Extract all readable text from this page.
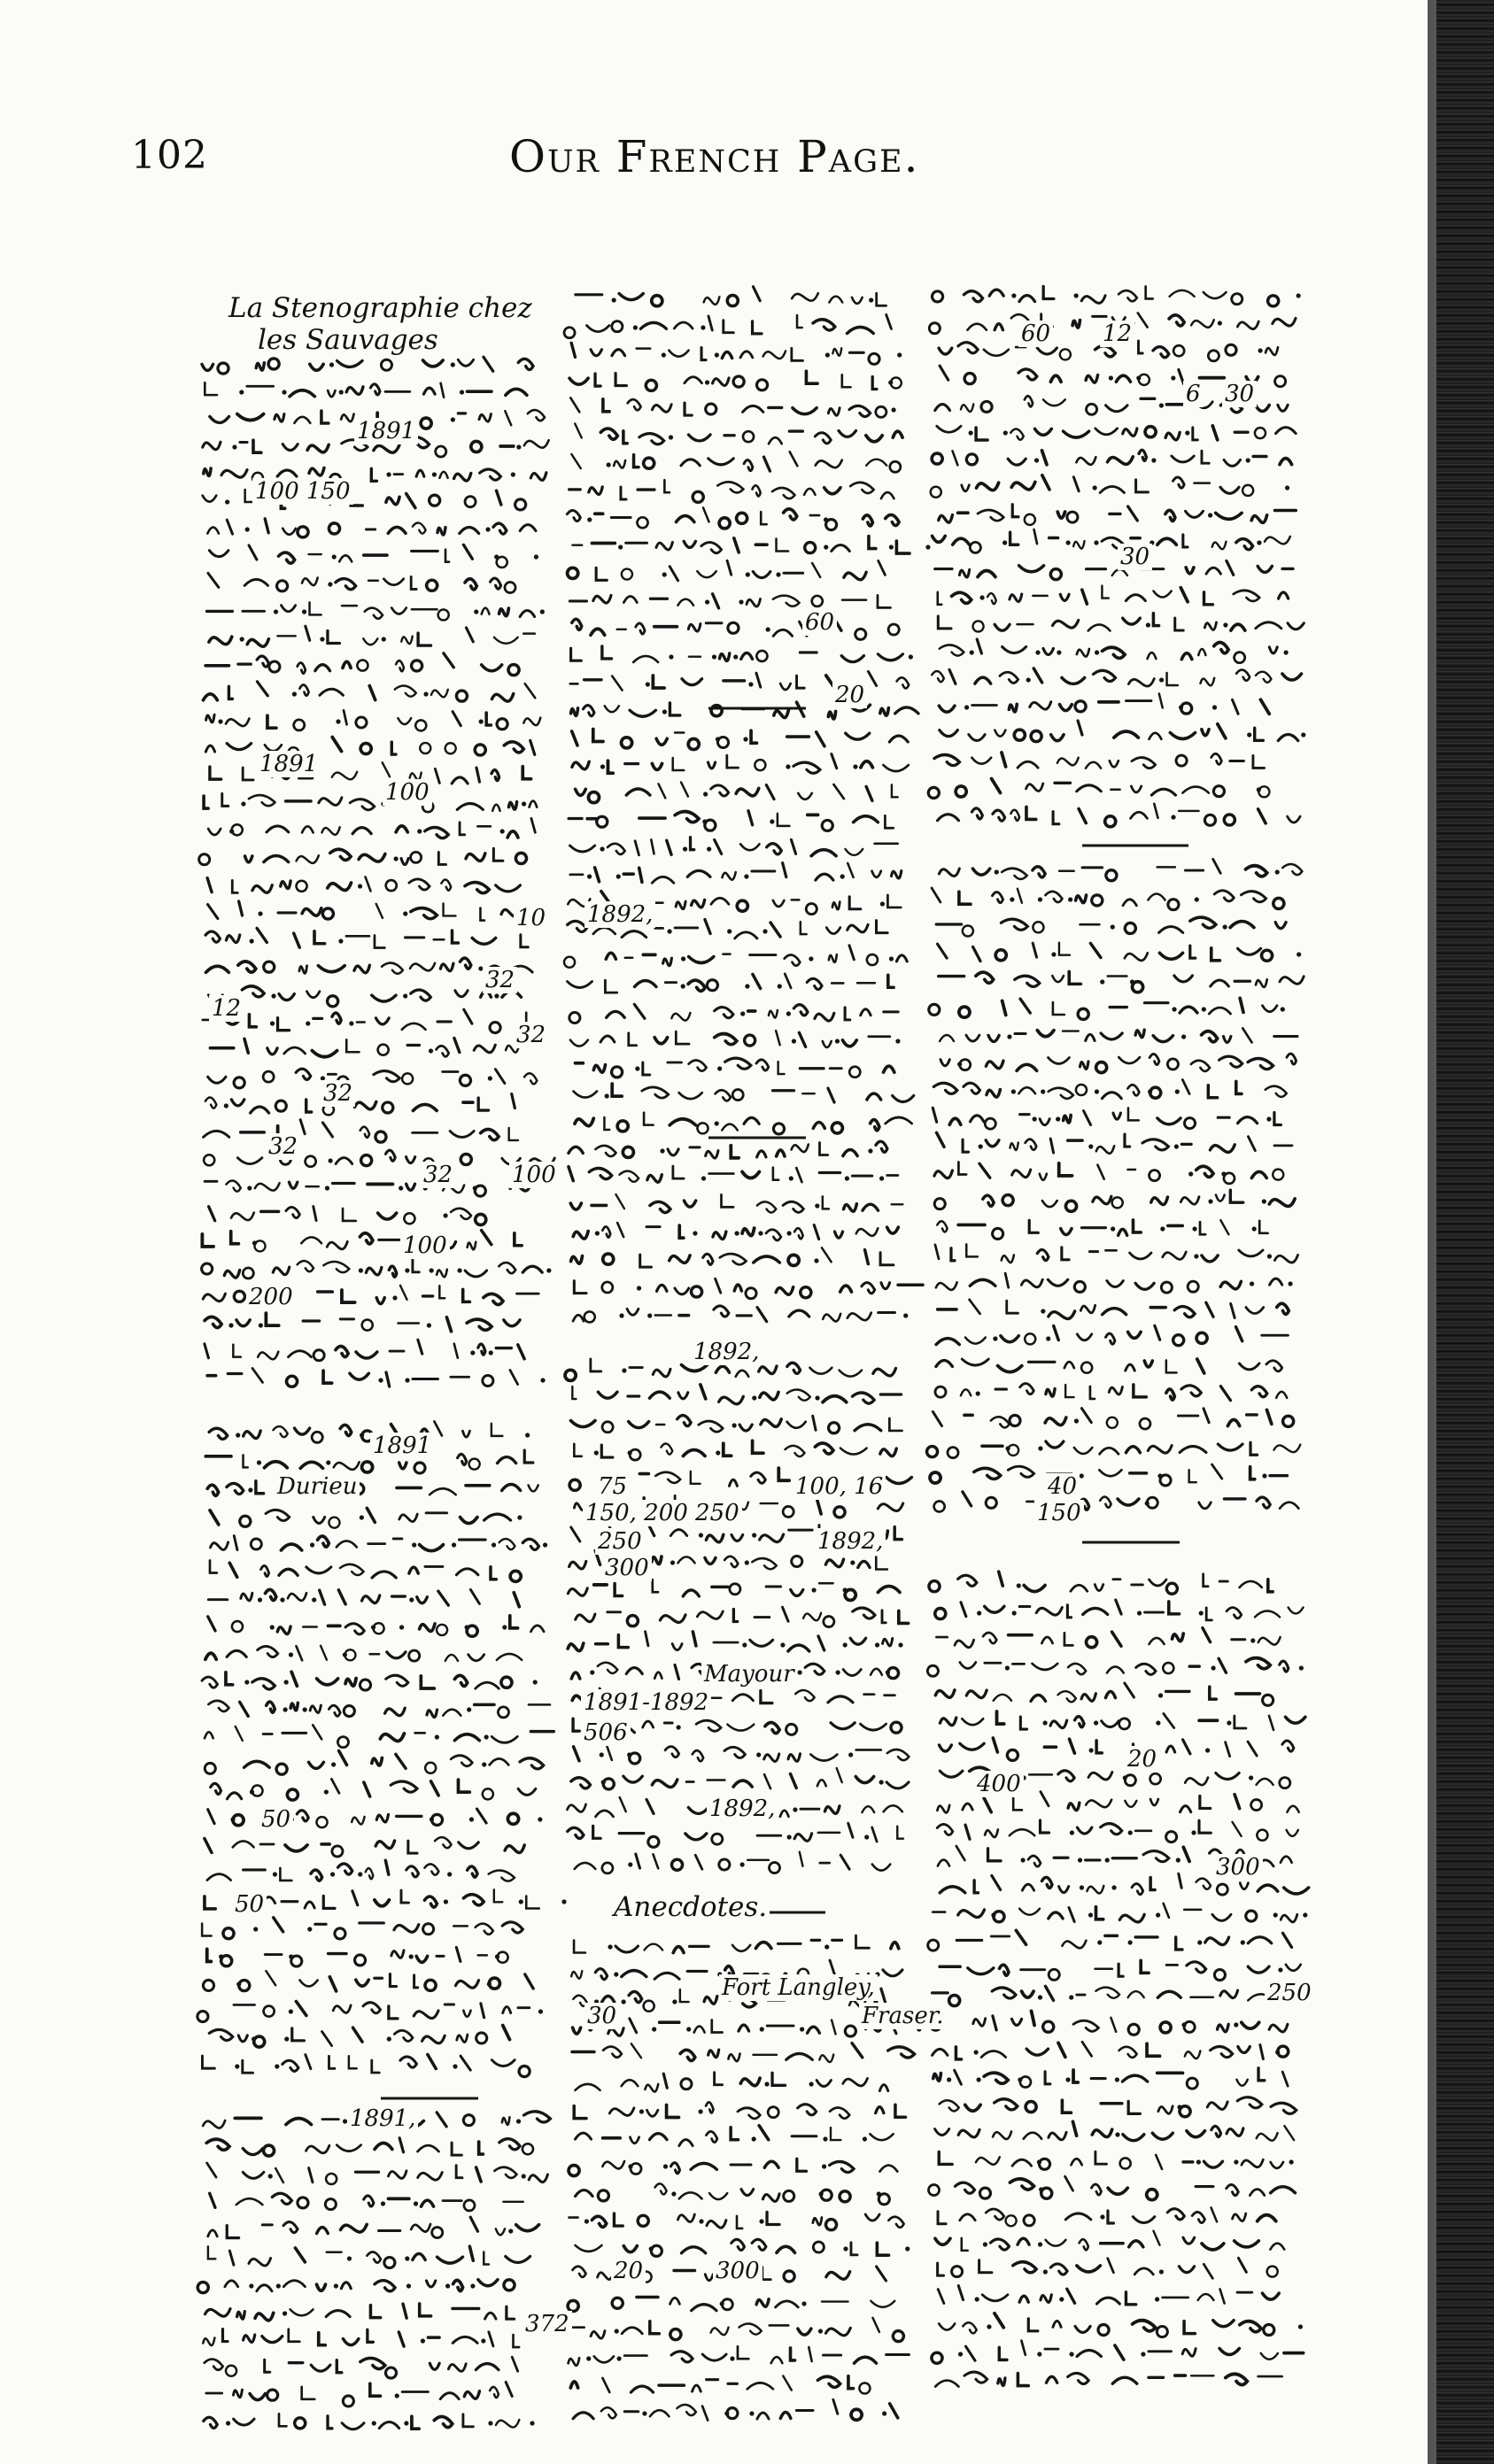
102	Our French Page.
La Stenographie chez
les Sauvages
1891
100 150
1891
100
10
32
12
32
32
32
32	100
100
200
1891
Durieu
50
50
1891,
60
20
1892,
1892,
75	100, 16
150, 200 250
250	1892,
300
Mayour
1891-1892
506
1892,
Anecdotes.
Fort Langley,
30	Fraser.
20	300
372
60 12
6 30
30
40
150
20
400
300
250
